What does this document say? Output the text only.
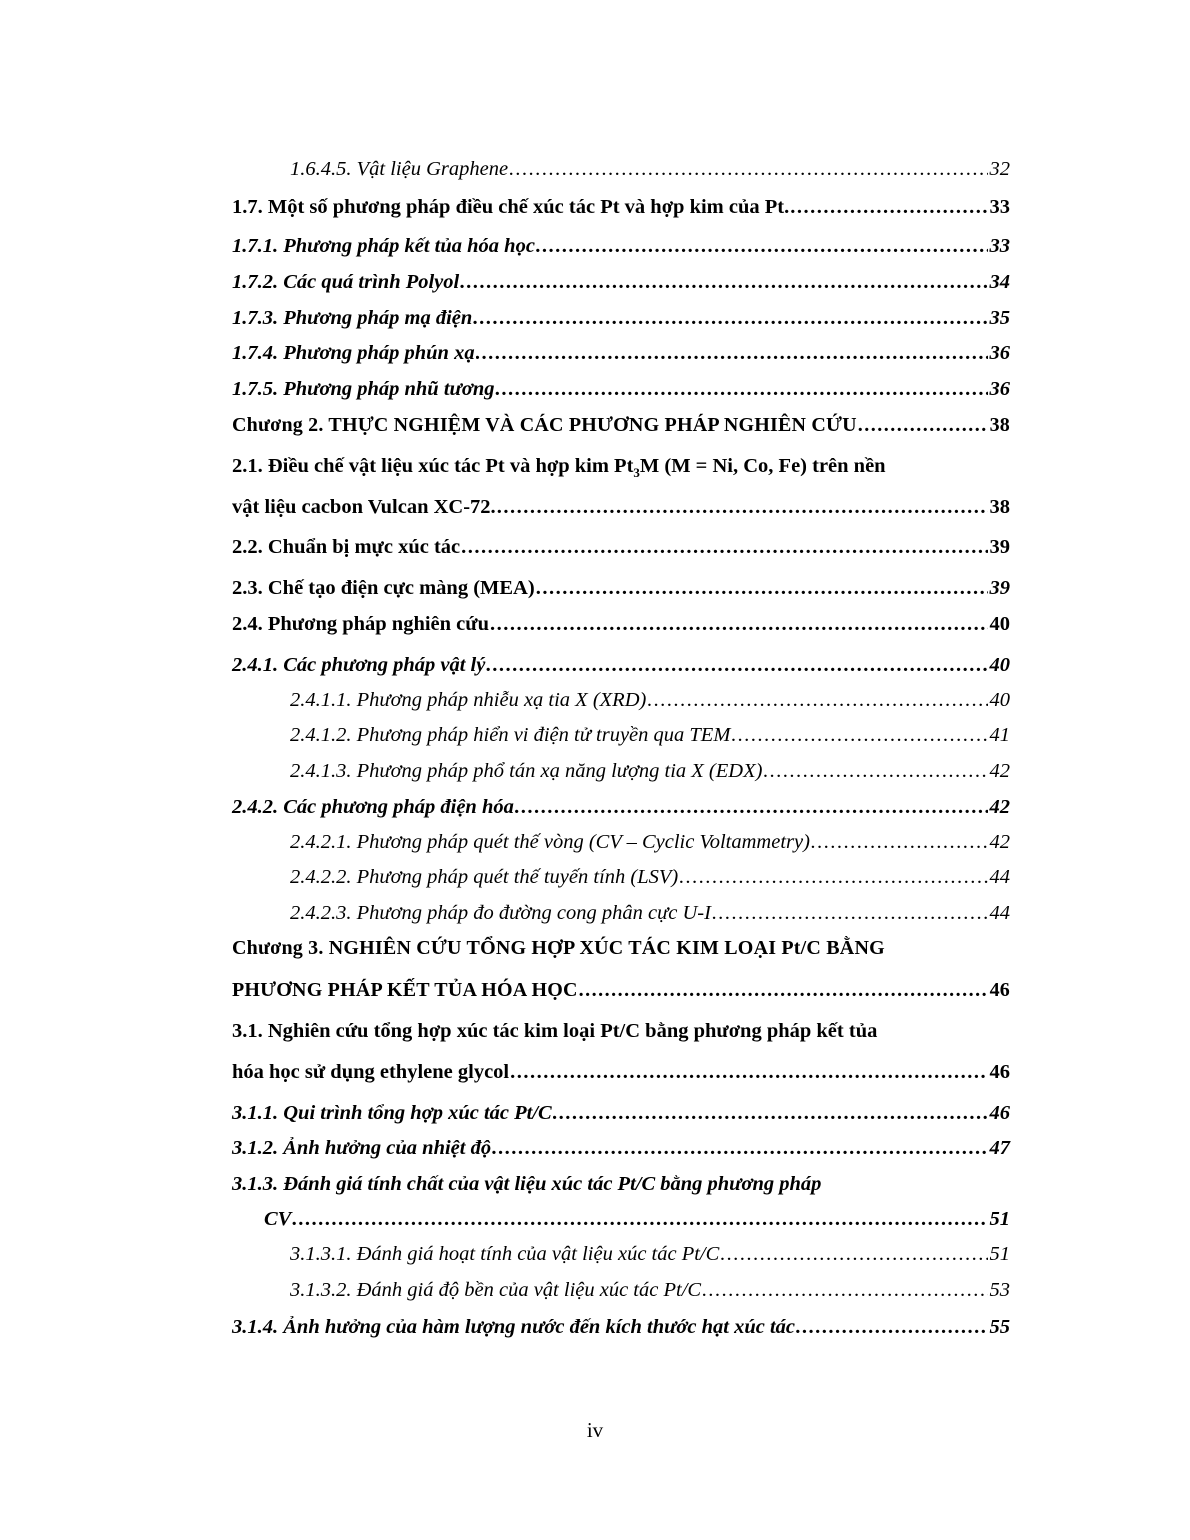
1.6.4.5. Vật liệu Graphene .....	32
1.7. Một số phương pháp điều chế xúc tác Pt và hợp kim của Pt. .....	33
1.7.1. Phương pháp kết tủa hóa học .....	33
1.7.2. Các quá trình Polyol .....	34
1.7.3. Phương pháp mạ điện .....	35
1.7.4. Phương pháp phún xạ .....	36
1.7.5. Phương pháp nhũ tương .....	36
Chương 2. THỰC NGHIỆM VÀ CÁC PHƯƠNG PHÁP NGHIÊN CỨU .....	38
2.1. Điều chế vật liệu xúc tác Pt và hợp kim $Pt_3M$ (M = Ni, Co, Fe) trên nền
vật liệu cacbon Vulcan XC-72. .....	38
2.2. Chuẩn bị mực xúc tác .....	39
2.3. Chế tạo điện cực màng (MEA) .....	39
2.4. Phương pháp nghiên cứu .....	40
2.4.1. Các phương pháp vật lý .....	40
2.4.1.1. Phương pháp nhiễu xạ tia X (XRD) .....	40
2.4.1.2. Phương pháp hiển vi điện tử truyền qua TEM .....	41
2.4.1.3. Phương pháp phổ tán xạ năng lượng tia X (EDX) .....	42
2.4.2. Các phương pháp điện hóa .....	42
2.4.2.1. Phương pháp quét thế vòng (CV – Cyclic Voltammetry) .....	42
2.4.2.2. Phương pháp quét thế tuyến tính (LSV) .....	44
2.4.2.3. Phương pháp đo đường cong phân cực U-I .....	44
Chương 3. NGHIÊN CỨU TỔNG HỢP XÚC TÁC KIM LOẠI Pt/C BẰNG
PHƯƠNG PHÁP KẾT TỦA HÓA HỌC .....	46
3.1. Nghiên cứu tổng hợp xúc tác kim loại Pt/C bằng phương pháp kết tủa
hóa học sử dụng ethylene glycol .....	46
3.1.1. Qui trình tổng hợp xúc tác Pt/C .....	46
3.1.2. Ảnh hưởng của nhiệt độ .....	47
3.1.3. Đánh giá tính chất của vật liệu xúc tác Pt/C bằng phương pháp
CV .....	51
3.1.3.1. Đánh giá hoạt tính của vật liệu xúc tác Pt/C .....	51
3.1.3.2. Đánh giá độ bền của vật liệu xúc tác Pt/C .....	53
3.1.4. Ảnh hưởng của hàm lượng nước đến kích thước hạt xúc tác .....	55
iv
